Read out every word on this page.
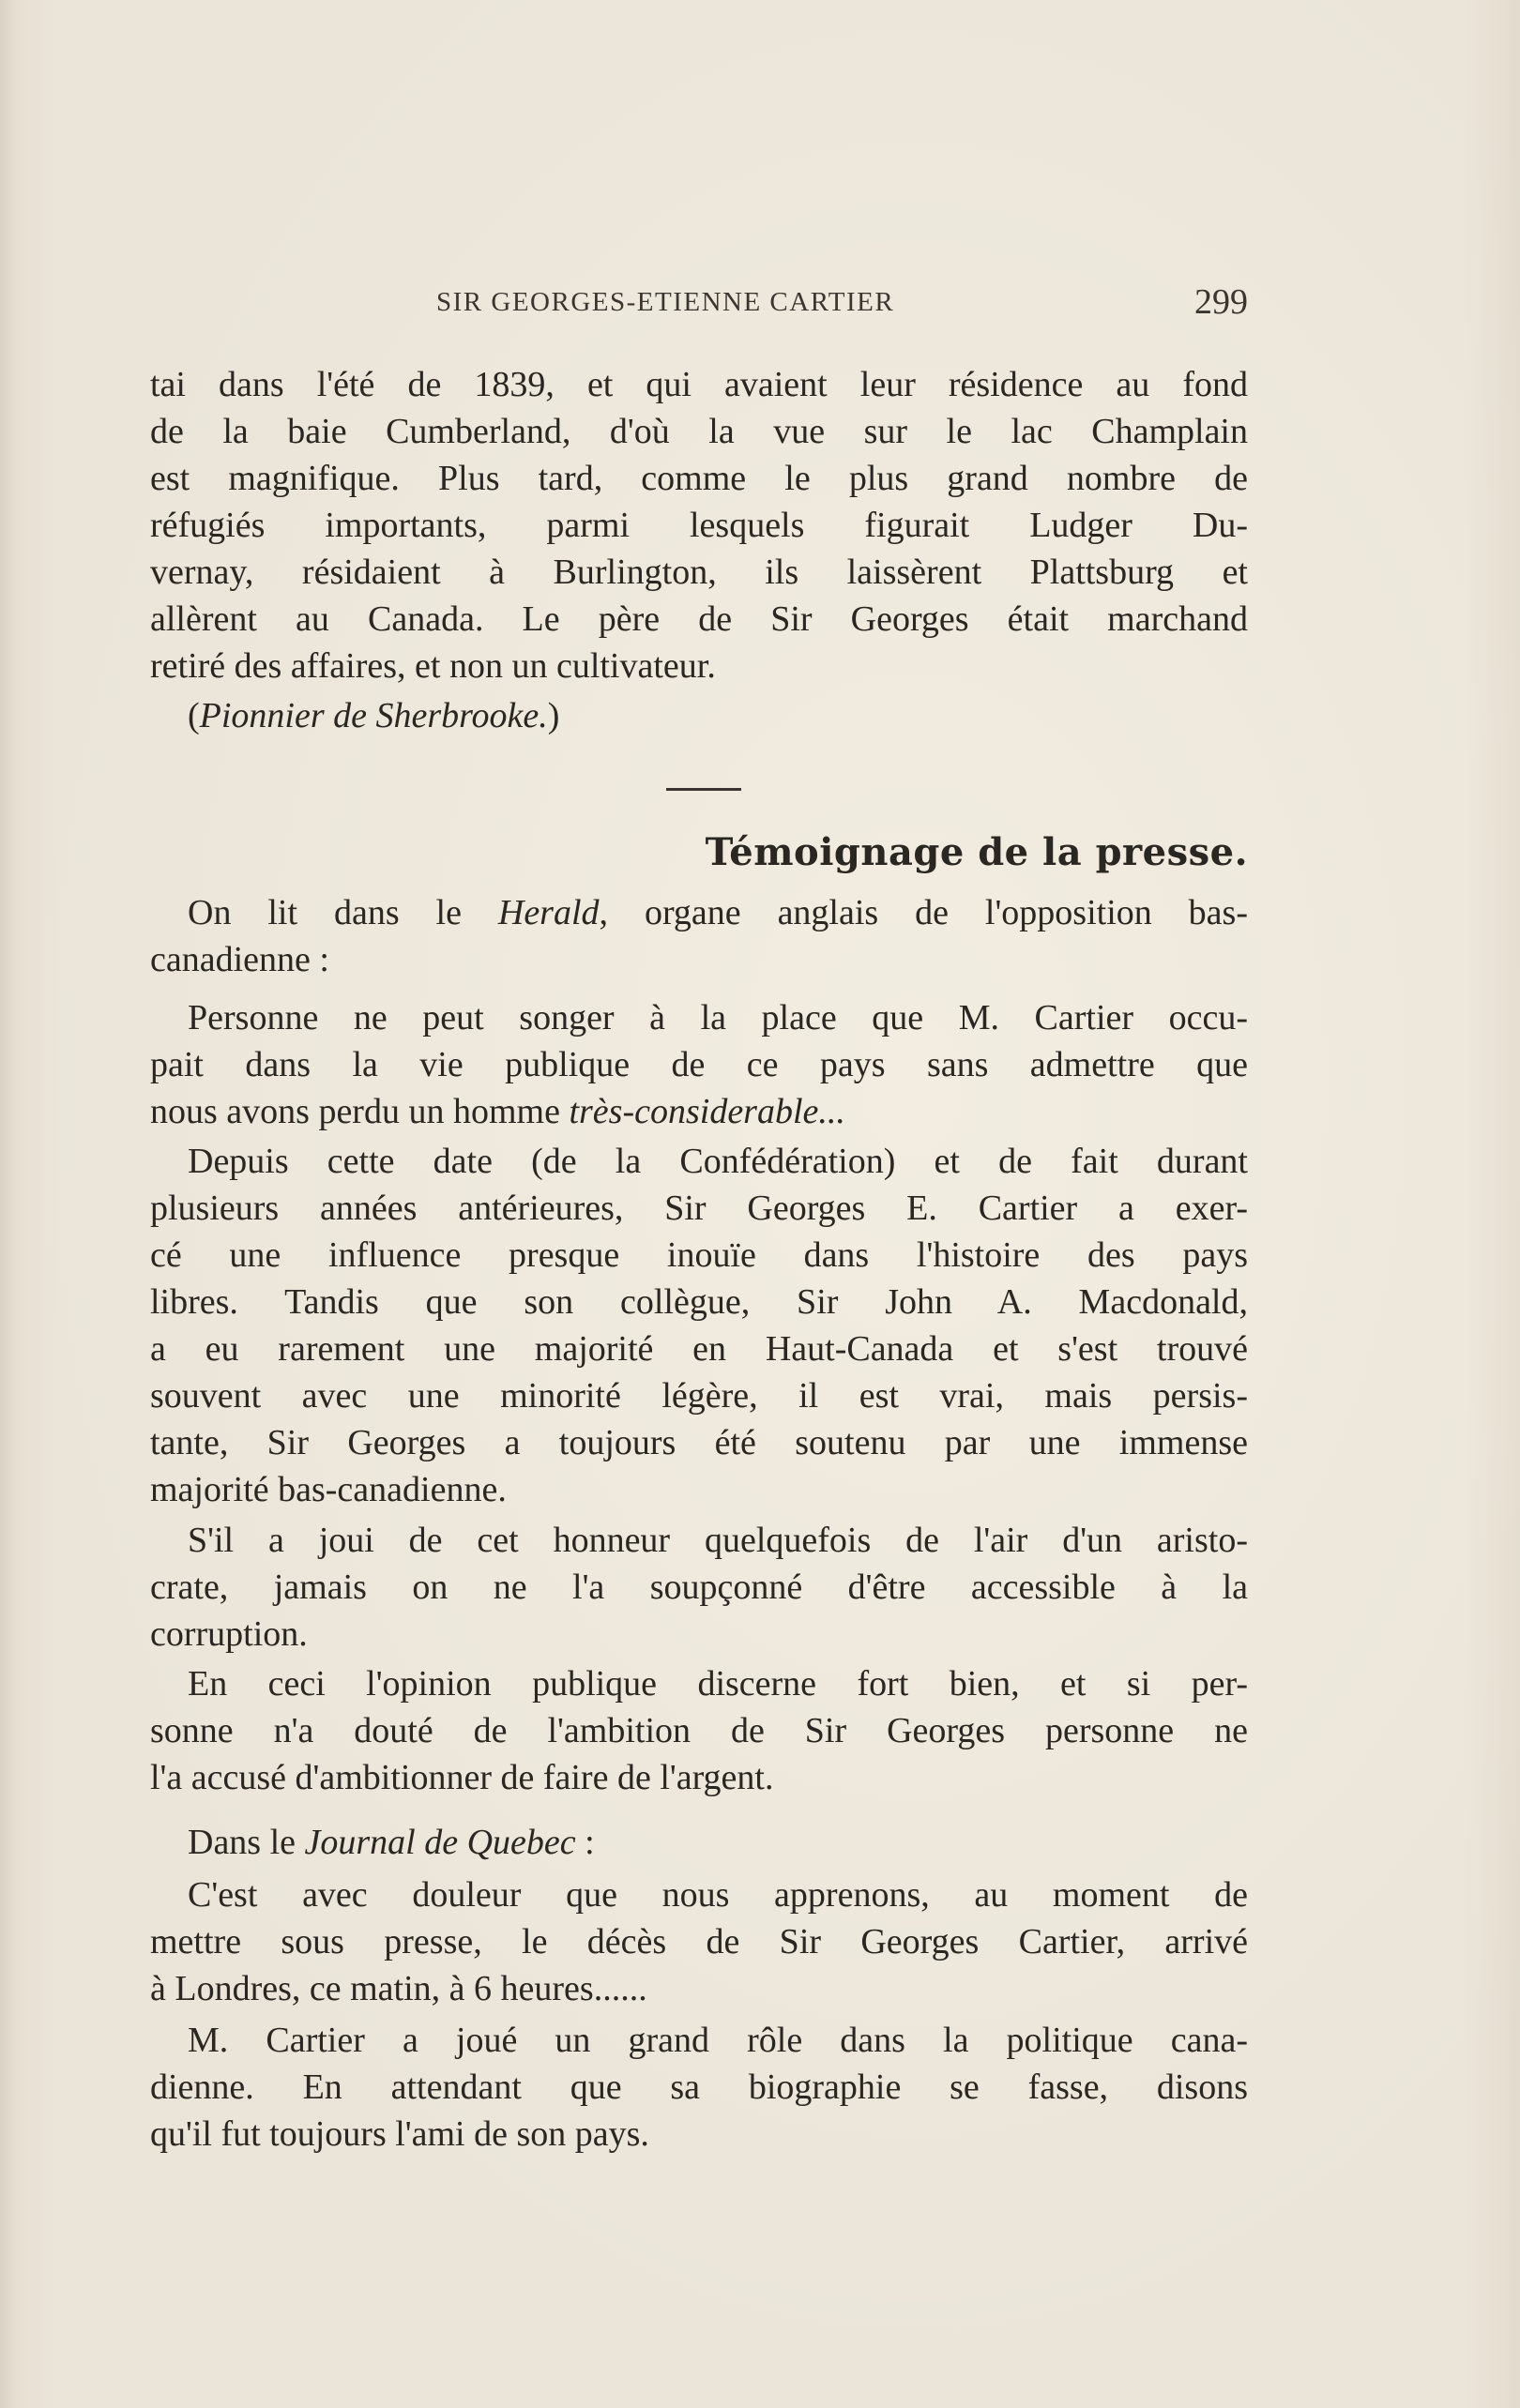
SIR GEORGES-ETIENNE CARTIER	299
tai dans l'été de 1839, et qui avaient leur résidence au fond
de la baie Cumberland, d'où la vue sur le lac Champlain
est magnifique. Plus tard, comme le plus grand nombre de
réfugiés importants, parmi lesquels figurait Ludger Du-
vernay, résidaient à Burlington, ils laissèrent Plattsburg et
allèrent au Canada. Le père de Sir Georges était marchand
retiré des affaires, et non un cultivateur.
(Pionnier de Sherbrooke.)
Témoignage de la presse.
On lit dans le Herald, organe anglais de l'opposition bas-
canadienne :
Personne ne peut songer à la place que M. Cartier occu-
pait dans la vie publique de ce pays sans admettre que
nous avons perdu un homme très-considerable...
Depuis cette date (de la Confédération) et de fait durant
plusieurs années antérieures, Sir Georges E. Cartier a exer-
cé une influence presque inouïe dans l'histoire des pays
libres. Tandis que son collègue, Sir John A. Macdonald,
a eu rarement une majorité en Haut-Canada et s'est trouvé
souvent avec une minorité légère, il est vrai, mais persis-
tante, Sir Georges a toujours été soutenu par une immense
majorité bas-canadienne.
S'il a joui de cet honneur quelquefois de l'air d'un aristo-
crate, jamais on ne l'a soupçonné d'être accessible à la
corruption.
En ceci l'opinion publique discerne fort bien, et si per-
sonne n'a douté de l'ambition de Sir Georges personne ne
l'a accusé d'ambitionner de faire de l'argent.
Dans le Journal de Quebec :
C'est avec douleur que nous apprenons, au moment de
mettre sous presse, le décès de Sir Georges Cartier, arrivé
à Londres, ce matin, à 6 heures......
M. Cartier a joué un grand rôle dans la politique cana-
dienne. En attendant que sa biographie se fasse, disons
qu'il fut toujours l'ami de son pays.
